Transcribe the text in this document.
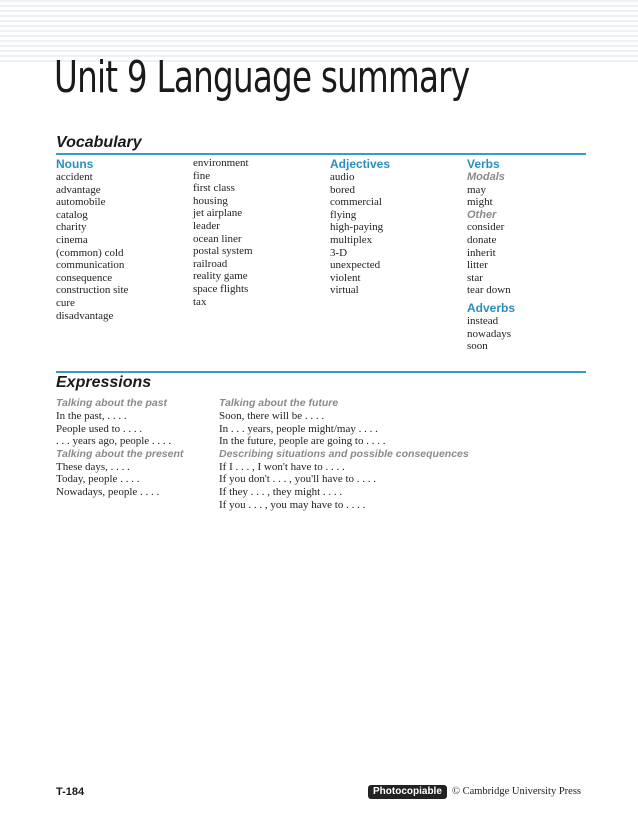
Unit 9 Language summary
Vocabulary
Nouns
accident
advantage
automobile
catalog
charity
cinema
(common) cold
communication
consequence
construction site
cure
disadvantage
environment
fine
first class
housing
jet airplane
leader
ocean liner
postal system
railroad
reality game
space flights
tax
Adjectives
audio
bored
commercial
flying
high-paying
multiplex
3-D
unexpected
violent
virtual
Verbs
Modals
may
might
Other
consider
donate
inherit
litter
star
tear down
Adverbs
instead
nowadays
soon
Expressions
Talking about the past
In the past, . . . .
People used to . . . .
. . . years ago, people . . . .
Talking about the present
These days, . . . .
Today, people . . . .
Nowadays, people . . . .
Talking about the future
Soon, there will be . . . .
In . . . years, people might/may . . . .
In the future, people are going to . . . .
Describing situations and possible consequences
If I . . . , I won't have to . . . .
If you don't . . . , you'll have to . . . .
If they . . . , they might . . . .
If you . . . , you may have to . . . .
T-184	Photocopiable © Cambridge University Press
